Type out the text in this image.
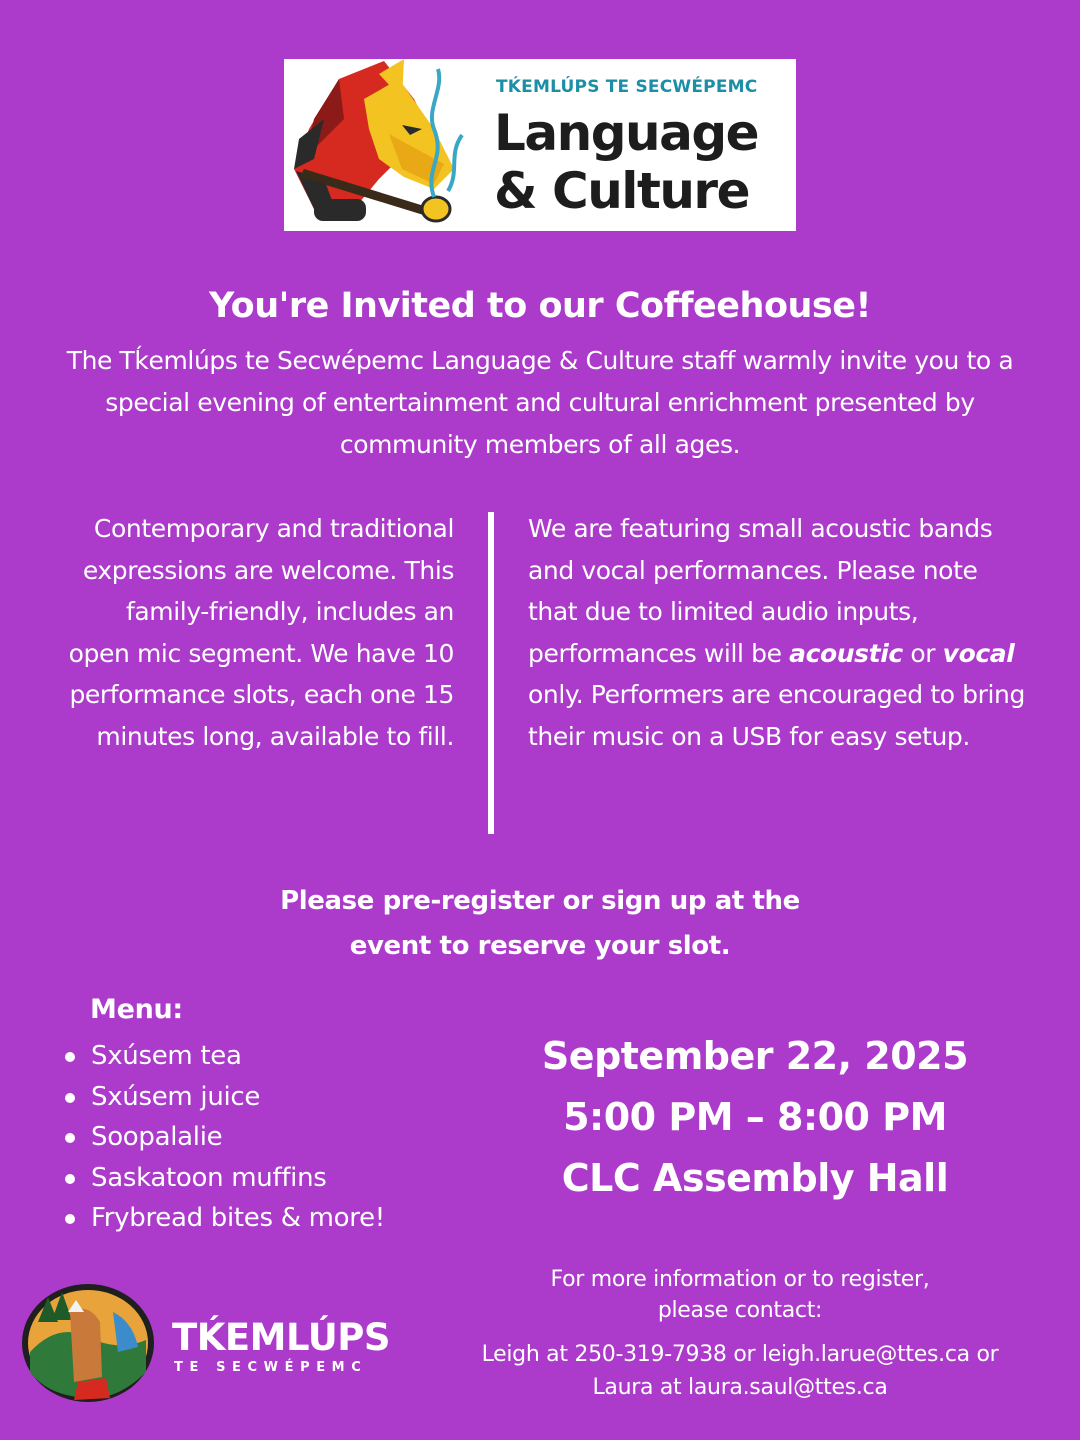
TḰEMLÚPS TE SECWÉPEMC
Language
& Culture
You're Invited to our Coffeehouse!
The Tḱemlúps te Secwépemc Language & Culture staff warmly invite you to a special evening of entertainment and cultural enrichment presented by community members of all ages.
Contemporary and traditional expressions are welcome. This family-friendly, includes an open mic segment. We have 10 performance slots, each one 15 minutes long, available to fill.
We are featuring small acoustic bands and vocal performances. Please note that due to limited audio inputs, performances will be acoustic or vocal only. Performers are encouraged to bring their music on a USB for easy setup.
Please pre-register or sign up at the
event to reserve your slot.
Menu:
Sxúsem tea
Sxúsem juice
Soopalalie
Saskatoon muffins
Frybread bites & more!
September 22, 2025
5:00 PM – 8:00 PM
CLC Assembly Hall
For more information or to register,
please contact:
Leigh at 250-319-7938 or leigh.larue@ttes.ca or
Laura at laura.saul@ttes.ca
TḰEMLÚPS
TE SECWÉPEMC
